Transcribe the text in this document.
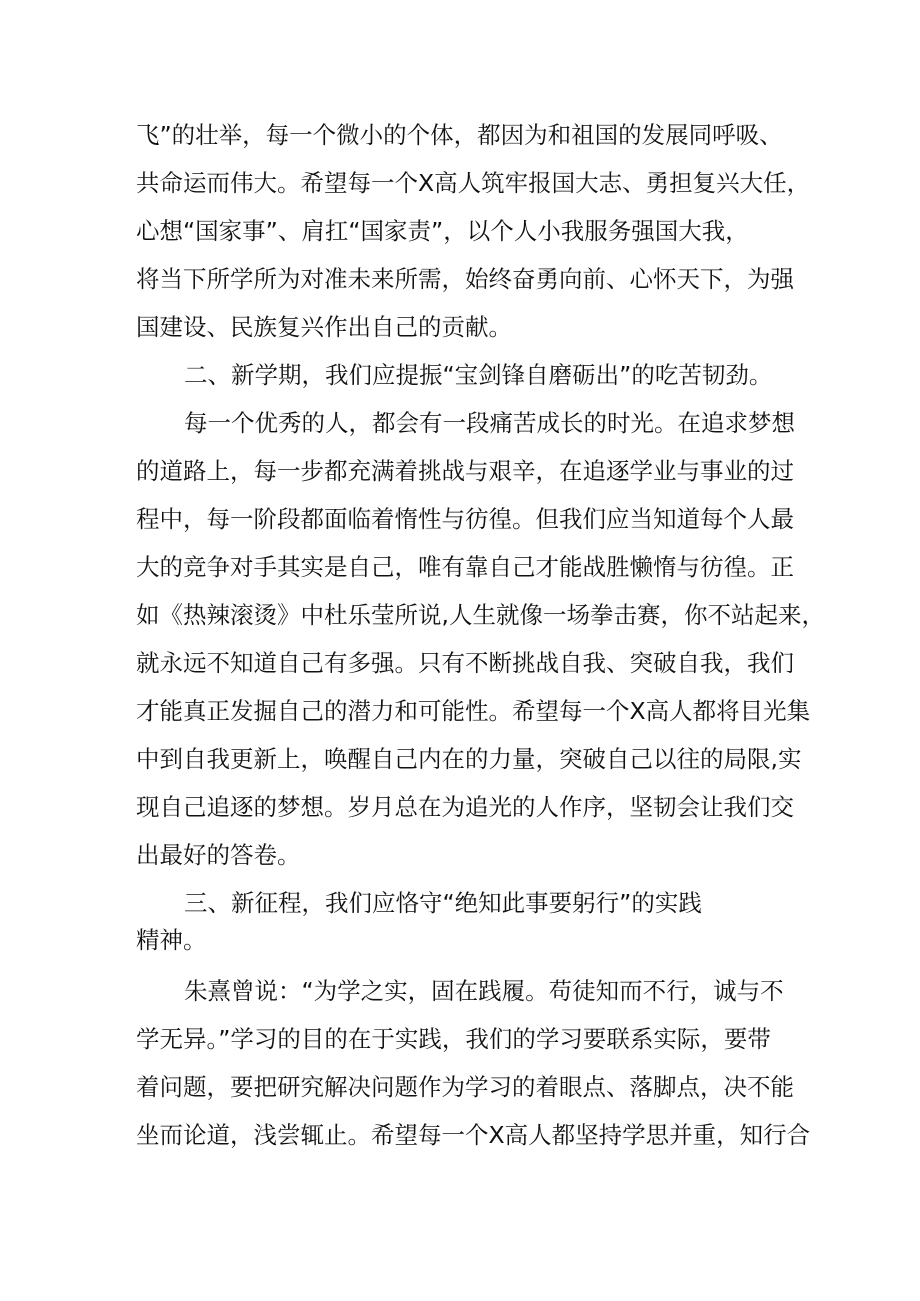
飞”的壮举，每一个微小的个体，都因为和祖国的发展同呼吸、
共命运而伟大。希望每一个X高人筑牢报国大志、勇担复兴大任，
心想“国家事”、肩扛“国家责”，以个人小我服务强国大我，
将当下所学所为对准未来所需，始终奋勇向前、心怀天下，为强
国建设、民族复兴作出自己的贡献。
二、新学期，我们应提振“宝剑锋自磨砺出”的吃苦韧劲。
每一个优秀的人，都会有一段痛苦成长的时光。在追求梦想
的道路上，每一步都充满着挑战与艰辛，在追逐学业与事业的过
程中，每一阶段都面临着惰性与彷徨。但我们应当知道每个人最
大的竞争对手其实是自己，唯有靠自己才能战胜懒惰与彷徨。正
如《热辣滚烫》中杜乐莹所说,人生就像一场拳击赛，你不站起来，
就永远不知道自己有多强。只有不断挑战自我、突破自我，我们
才能真正发掘自己的潜力和可能性。希望每一个X高人都将目光集
中到自我更新上，唤醒自己内在的力量，突破自己以往的局限,实
现自己追逐的梦想。岁月总在为追光的人作序，坚韧会让我们交
出最好的答卷。
三、新征程，我们应恪守“绝知此事要躬行”的实践
精神。
朱熹曾说：“为学之实，固在践履。苟徒知而不行，诚与不
学无异。”学习的目的在于实践，我们的学习要联系实际，要带
着问题，要把研究解决问题作为学习的着眼点、落脚点，决不能
坐而论道，浅尝辄止。希望每一个X高人都坚持学思并重，知行合
